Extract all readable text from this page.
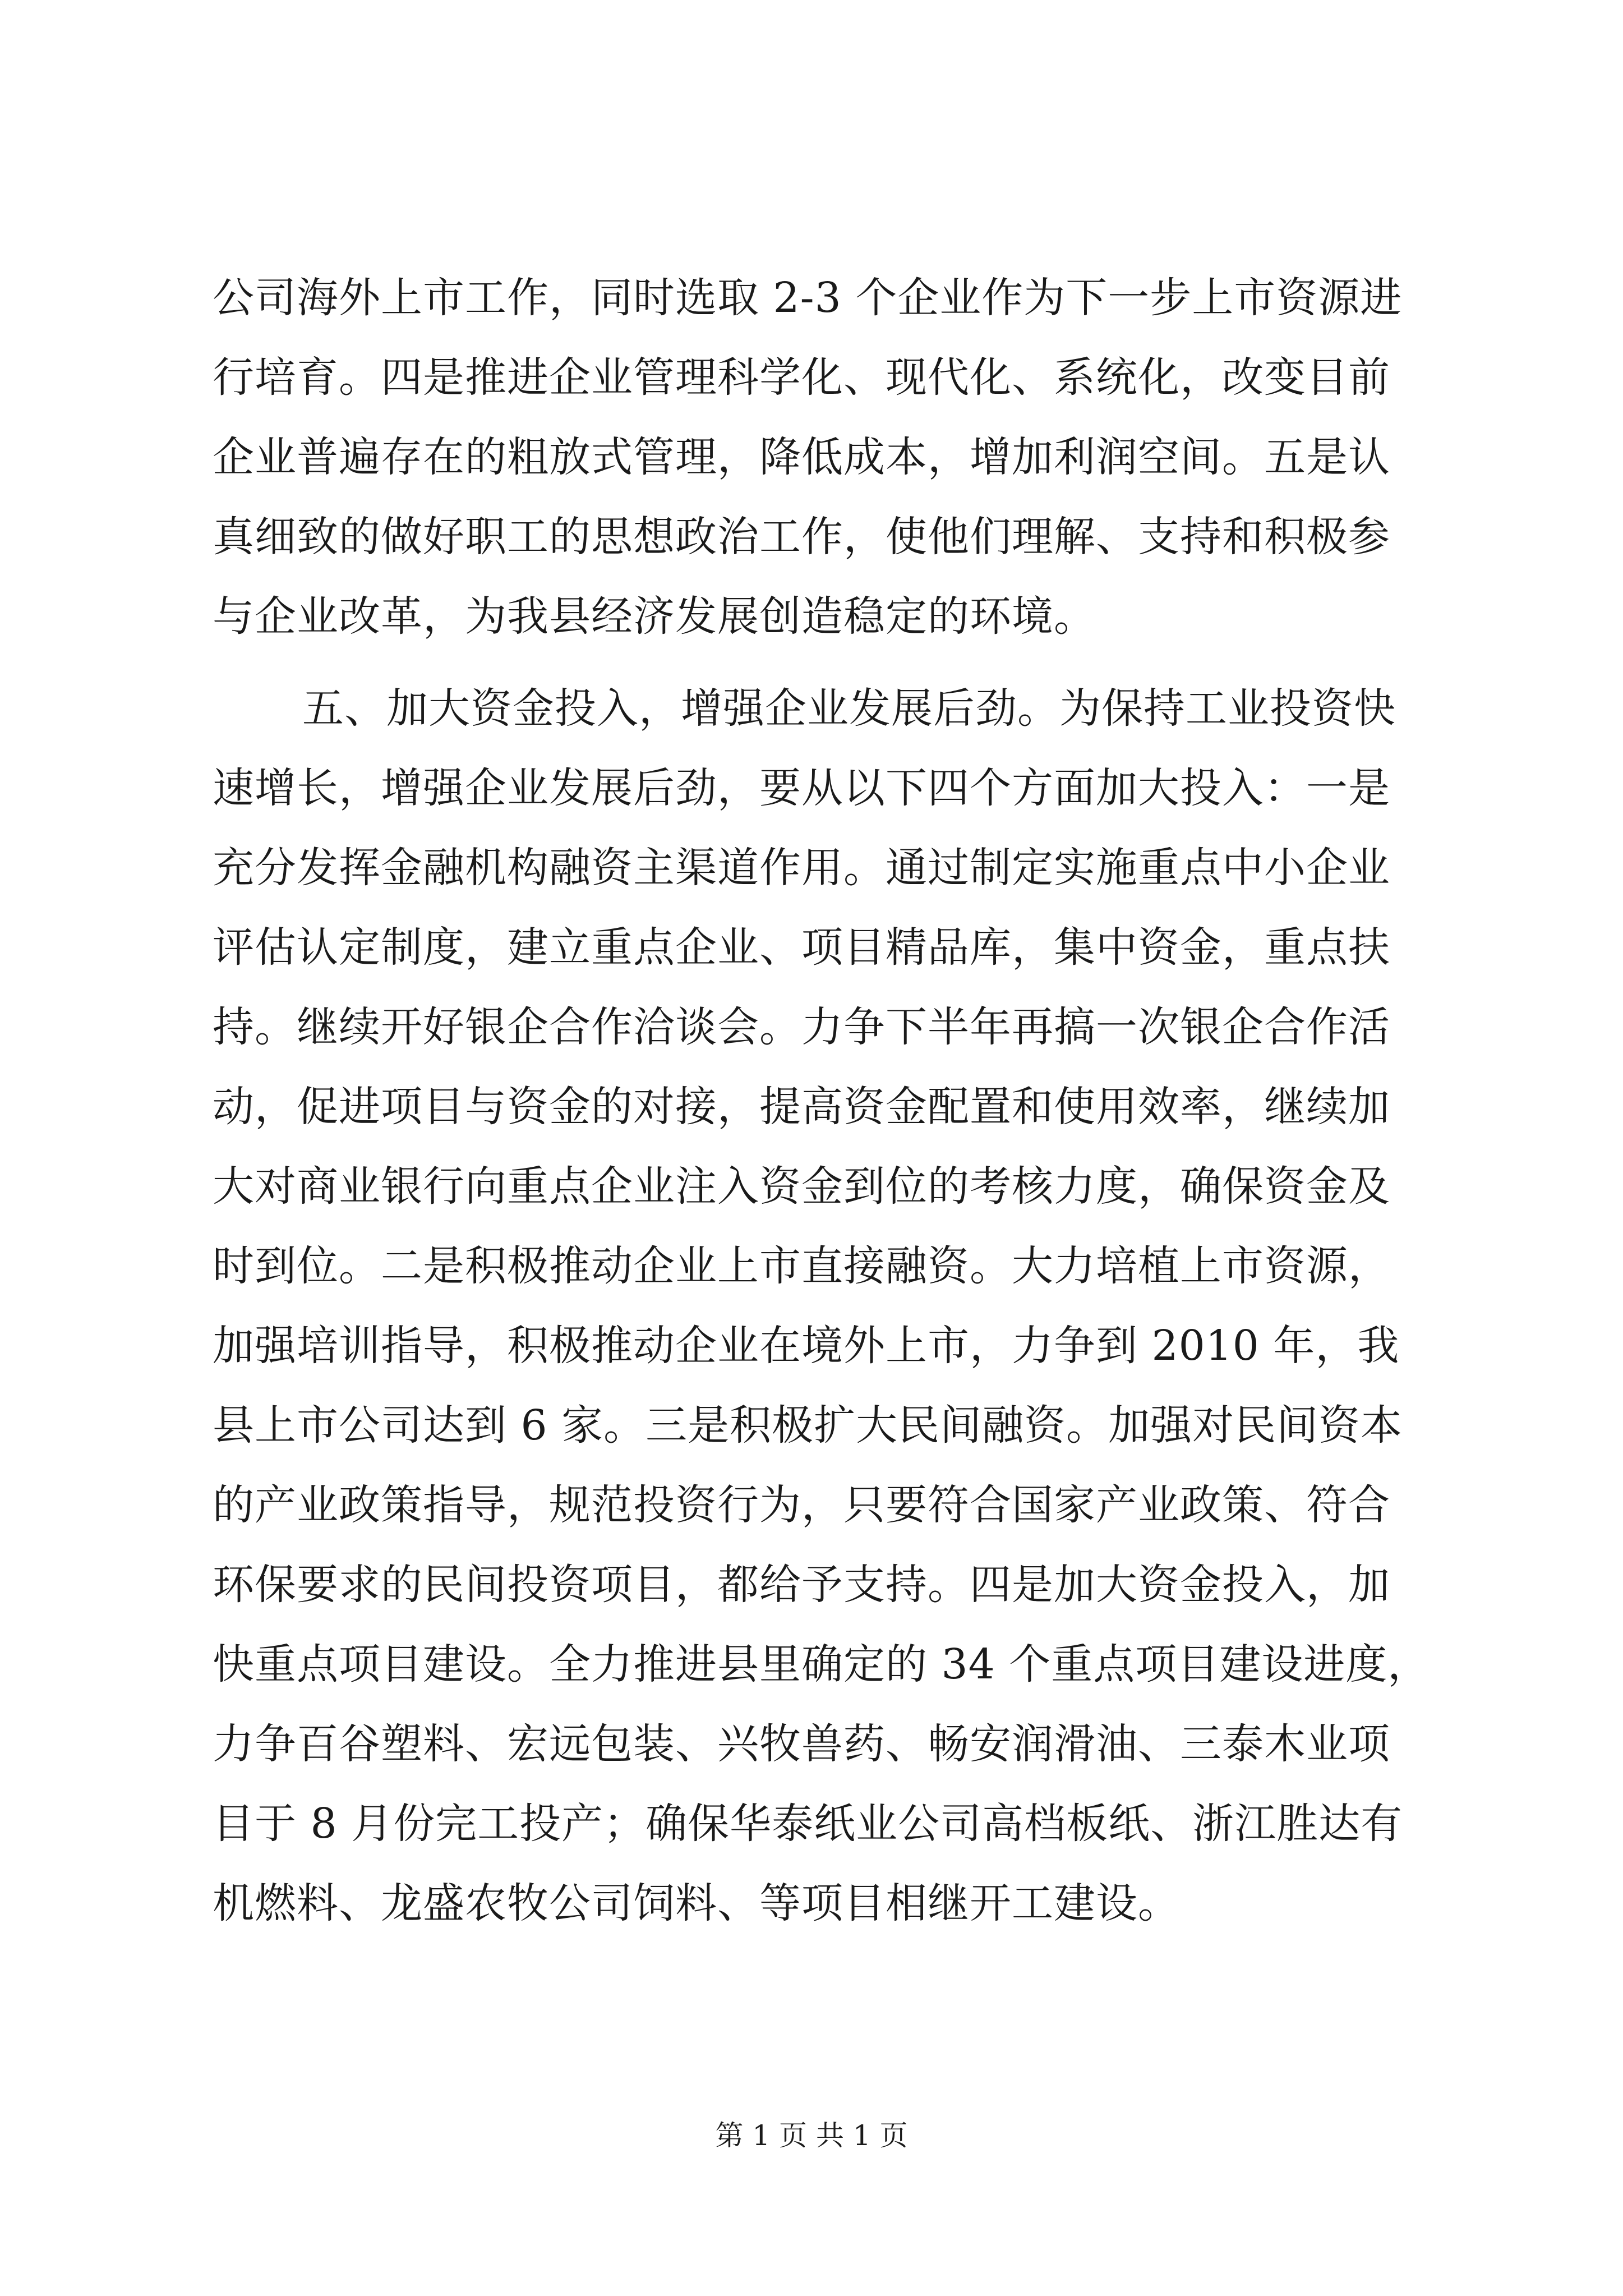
公司海外上市工作，同时选取 2-3 个企业作为下一步上市资源进
行培育。四是推进企业管理科学化、现代化、系统化，改变目前
企业普遍存在的粗放式管理，降低成本，增加利润空间。五是认
真细致的做好职工的思想政治工作，使他们理解、支持和积极参
与企业改革，为我县经济发展创造稳定的环境。
五、加大资金投入，增强企业发展后劲。为保持工业投资快
速增长，增强企业发展后劲，要从以下四个方面加大投入：一是
充分发挥金融机构融资主渠道作用。通过制定实施重点中小企业
评估认定制度，建立重点企业、项目精品库，集中资金，重点扶
持。继续开好银企合作洽谈会。力争下半年再搞一次银企合作活
动，促进项目与资金的对接，提高资金配置和使用效率，继续加
大对商业银行向重点企业注入资金到位的考核力度，确保资金及
时到位。二是积极推动企业上市直接融资。大力培植上市资源，
加强培训指导，积极推动企业在境外上市，力争到 2010 年，我
县上市公司达到 6 家。三是积极扩大民间融资。加强对民间资本
的产业政策指导，规范投资行为，只要符合国家产业政策、符合
环保要求的民间投资项目，都给予支持。四是加大资金投入，加
快重点项目建设。全力推进县里确定的 34 个重点项目建设进度，
力争百谷塑料、宏远包装、兴牧兽药、畅安润滑油、三泰木业项
目于 8 月份完工投产；确保华泰纸业公司高档板纸、浙江胜达有
机燃料、龙盛农牧公司饲料、等项目相继开工建设。
第 1 页 共 1 页
